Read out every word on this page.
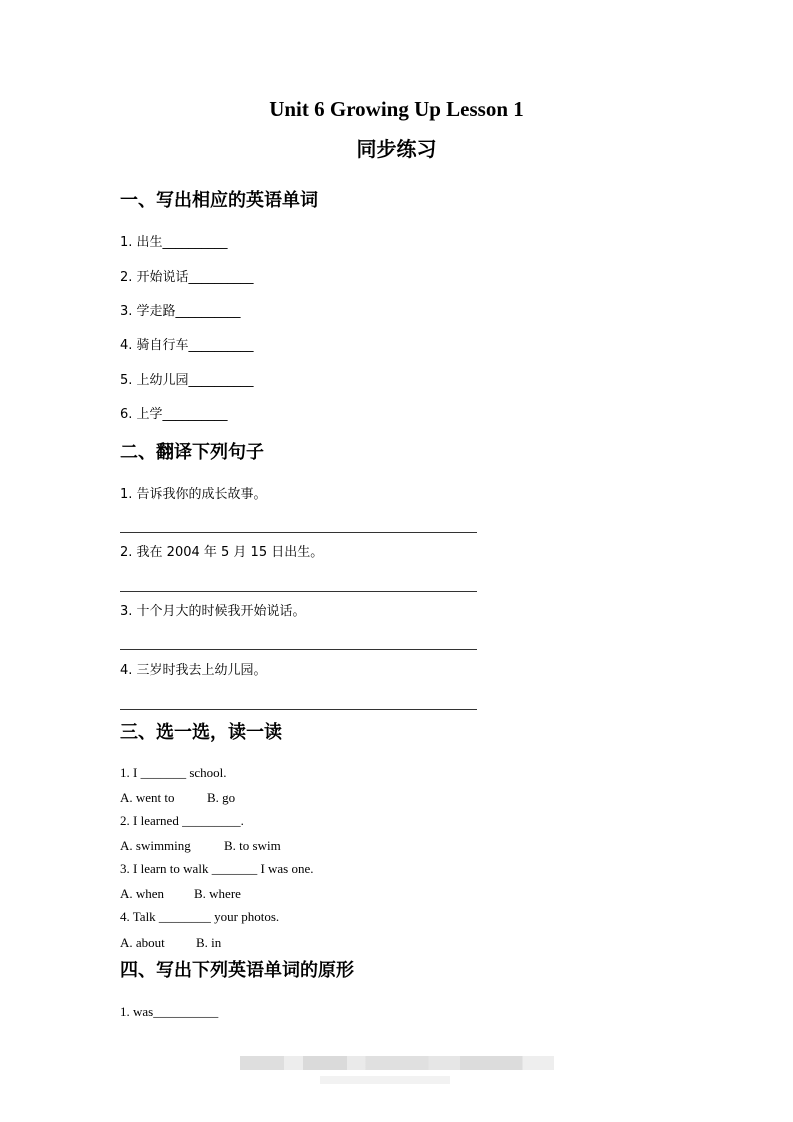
Unit 6 Growing Up Lesson 1
同步练习
一、写出相应的英语单词
1. 出生__________
2. 开始说话__________
3. 学走路__________
4. 骑自行车__________
5. 上幼儿园__________
6. 上学__________
二、翻译下列句子
1. 告诉我你的成长故事。
2. 我在 2004 年 5 月 15 日出生。
3. 十个月大的时候我开始说话。
4. 三岁时我去上幼儿园。
三、选一选，读一读
1. I _______ school.
A. went to B. go
2. I learned _________.
A. swimming	B. to swim
3. I learn to walk _______ I was one.
A. when B. where
4. Talk ________ your photos.
A. about B. in
四、写出下列英语单词的原形
1. was__________
